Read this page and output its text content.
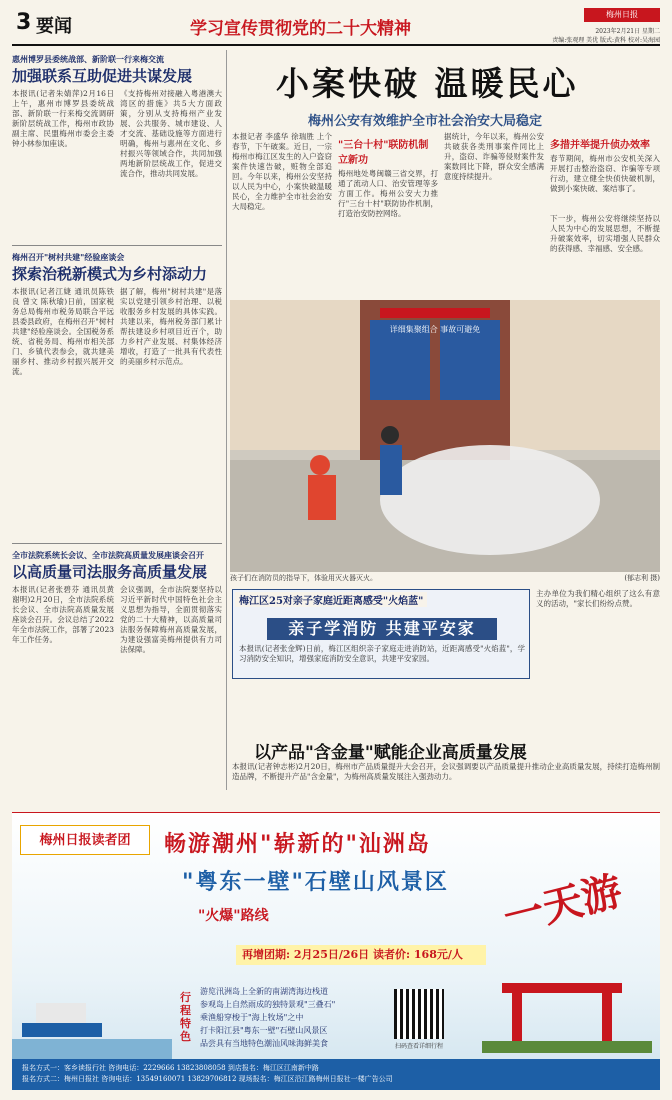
3 要闻	学习宣传贯彻党的二十大精神
梅州日报
2023年2月21日 星期二
责编:张观理 美优 版式:黄科 校对:吴海园
惠州博罗县委统战部、新阶联一行来梅交流
加强联系互助促进共谋发展
本报讯(记者朱婧萍)2月16日上午，惠州市博罗县委统战部、新阶联一行来梅交流调研新阶层统战工作，梅州市政协副主席、民盟梅州市委会主委钟小林参加座谈。
《支持梅州对接融入粤港澳大湾区的措施》共5大方面政策，分别从支持梅州产业发展、公共服务、城市建设、人才交流、基础设施等方面进行明确，梅州与惠州在文化、乡村振兴等领域合作，共同加强两地新阶层统战工作，促进交流合作，推动共同发展。
梅州召开"树村共建"经验座谈会
探索治税新模式为乡村添动力
本报讯(记者江婕 通讯员陈铁良 曾文 陈秋瑜)日前，国家税务总局梅州市税务局联合平远县委县政府，在梅州召开"树村共建"经验座谈会。全国税务系统、省税务局、梅州市相关部门、乡镇代表参会，就共建美丽乡村、推动乡村振兴展开交流。
据了解，梅州"树村共建"是落实以党建引领乡村治理、以税收服务乡村发展的具体实践。共建以来，梅州税务部门累计帮扶建设乡村项目近百个，助力乡村产业发展、村集体经济增收，打造了一批具有代表性的美丽乡村示范点。
全市法院系统长会议、全市法院高质量发展座谈会召开
以高质量司法服务高质量发展
本报讯(记者张碧芬 通讯员黄谢明)2月20日，全市法院系统长会议、全市法院高质量发展座谈会召开。会议总结了2022年全市法院工作，部署了2023年工作任务。
会议强调，全市法院要坚持以习近平新时代中国特色社会主义思想为指导，全面贯彻落实党的二十大精神，以高质量司法服务保障梅州高质量发展，为建设强富美梅州提供有力司法保障。
小案快破 温暖民心
梅州公安有效维护全市社会治安大局稳定
本报记者 李盛华 徐瑞胜 上个春节，下午破案。近日，一宗梅州市梅江区发生的入户盗窃案件快速告破，赃物全部追回。今年以来，梅州公安坚持以人民为中心，小案快破温暖民心，全力维护全市社会治安大局稳定。
"三台十村"联防机制立新功
梅州地处粤闽赣三省交界，打通了流动人口、治安管理等多方面工作。梅州公安大力推行"三台十村"联防协作机制，打造治安防控网络。
据统计，今年以来，梅州公安共破获各类刑事案件同比上升，盗窃、诈骗等侵财案件发案数同比下降，群众安全感满意度持续提升。
多措并举提升侦办效率
春节期间，梅州市公安机关深入开展打击整治盗窃、诈骗等专项行动，建立健全快侦快破机制，做到小案快破、案结事了。
下一步，梅州公安将继续坚持以人民为中心的发展思想，不断提升破案效率，切实增强人民群众的获得感、幸福感、安全感。
详细集聚组合 事故可避免
孩子们在消防员的指导下，体验用灭火器灭火。	(郁志利 摄)
梅江区25对亲子家庭近距离感受"火焰蓝"
亲子学消防 共建平安家
本报讯(记者张金辉)日前，梅江区组织亲子家庭走进消防站，近距离感受"火焰蓝"，学习消防安全知识，增强家庭消防安全意识，共建平安家园。
主办单位为我们精心组织了这么有意义的活动，"家长们纷纷点赞。
以产品"含金量"赋能企业高质量发展
本报讯(记者钟志彬)2月20日，梅州市产品质量提升大会召开，会议强调要以产品质量提升推动企业高质量发展，持续打造梅州制造品牌，不断提升产品"含金量"，为梅州高质量发展注入强劲动力。
梅州日报读者团	畅游潮州"崭新的"汕洲岛
"粤东一壁"石壁山风景区
"火爆"路线
再增团期: 2月25日/26日 读者价: 168元/人
一天游
行程特色
游览汛洲岛上全新的南湖湾海边栈道
参观岛上自然雨成的独特景观"三叠石"
乘渔船穿梭于"海上牧场"之中
打卡阳江县"粤东一壁"石壁山风景区
品尝具有当地特色潮汕风味海鲜美食	扫码查看详细行程
报名方式一：客乡读报行社 咨询电话：2229666 13823808058 到店报名：梅江区江南新中路
报名方式二：梅州日报社 咨询电话：13549160071 13829706812 现场报名：梅江区沿江路梅州日报社一楼广告公司
